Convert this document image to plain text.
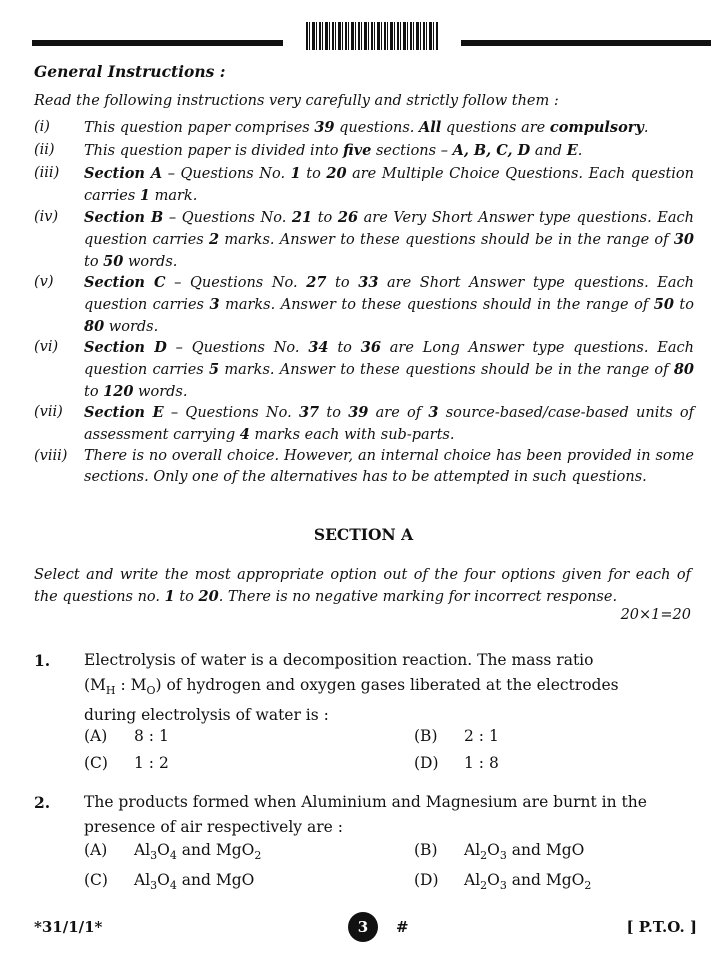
General Instructions :
Read the following instructions very carefully and strictly follow them :
(i)	This question paper comprises 39 questions. All questions are compulsory.
(ii)	This question paper is divided into five sections – A, B, C, D and E.
(iii)	Section A – Questions No. 1 to 20 are Multiple Choice Questions. Each question carries 1 mark.
(iv)	Section B – Questions No. 21 to 26 are Very Short Answer type questions. Each question carries 2 marks. Answer to these questions should be in the range of 30 to 50 words.
(v)	Section C – Questions No. 27 to 33 are Short Answer type questions. Each question carries 3 marks. Answer to these questions should in the range of 50 to 80 words.
(vi)	Section D – Questions No. 34 to 36 are Long Answer type questions. Each question carries 5 marks. Answer to these questions should be in the range of 80 to 120 words.
(vii)	Section E – Questions No. 37 to 39 are of 3 source-based/case-based units of assessment carrying 4 marks each with sub-parts.
(viii)	There is no overall choice. However, an internal choice has been provided in some sections. Only one of the alternatives has to be attempted in such questions.
SECTION A
Select and write the most appropriate option out of the four options given for each of the questions no. 1 to 20. There is no negative marking for incorrect response.
20×1=20
1. Electrolysis of water is a decomposition reaction. The mass ratio
($M_H$ : $M_O$) of hydrogen and oxygen gases liberated at the electrodes
during electrolysis of water is :
(A) 8 : 1	(B) 2 : 1
(C) 1 : 2	(D) 1 : 8
2. The products formed when Aluminium and Magnesium are burnt in the
presence of air respectively are :
(A) $Al_3O_4$ and MgO$_2$	(B) $Al_2O_3$ and MgO
(C) $Al_3O_4$ and MgO	(D) $Al_2O_3$ and MgO$_2$
*31/1/1*	3	#	[ P.T.O. ]
